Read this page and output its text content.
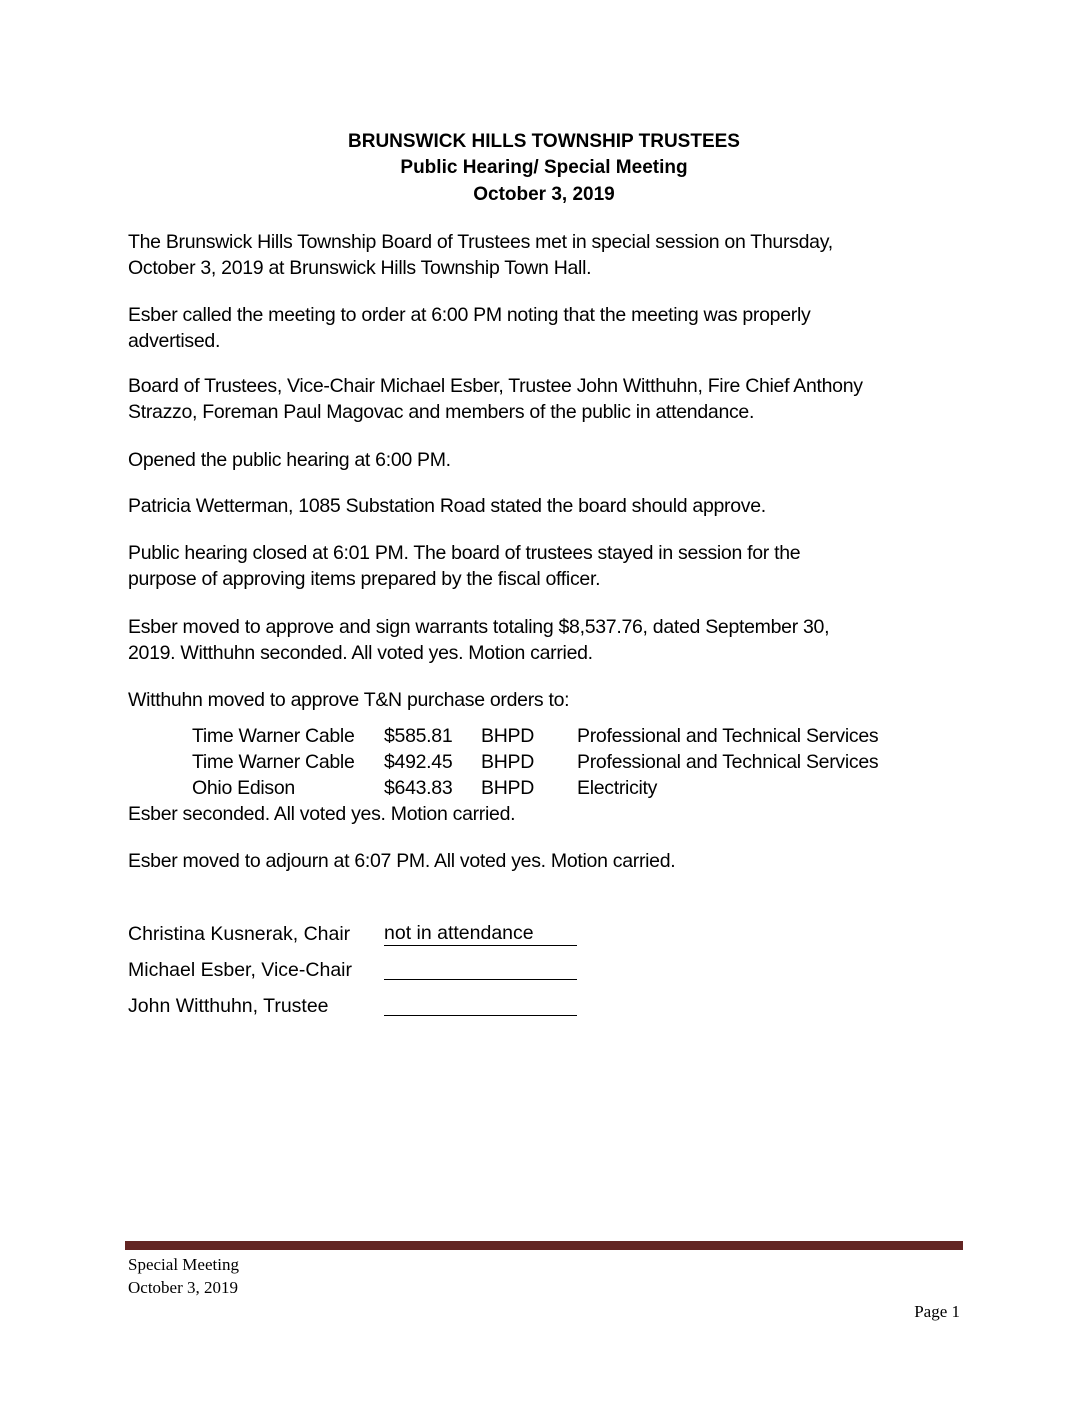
BRUNSWICK HILLS TOWNSHIP TRUSTEES
Public Hearing/ Special Meeting
October 3, 2019
The Brunswick Hills Township Board of Trustees met in special session on Thursday,
October 3, 2019 at Brunswick Hills Township Town Hall.
Esber called the meeting to order at 6:00 PM noting that the meeting was properly
advertised.
Board of Trustees, Vice-Chair Michael Esber, Trustee John Witthuhn, Fire Chief Anthony
Strazzo, Foreman Paul Magovac and members of the public in attendance.
Opened the public hearing at 6:00 PM.
Patricia Wetterman, 1085 Substation Road stated the board should approve.
Public hearing closed at 6:01 PM. The board of trustees stayed in session for the
purpose of approving items prepared by the fiscal officer.
Esber moved to approve and sign warrants totaling $8,537.76, dated September 30,
2019. Witthuhn seconded. All voted yes. Motion carried.
Witthuhn moved to approve T&N purchase orders to:
Time Warner Cable $585.81 BHPD Professional and Technical Services
Time Warner Cable $492.45 BHPD Professional and Technical Services
Ohio Edison	$643.83 BHPD Electricity
Esber seconded. All voted yes. Motion carried.
Esber moved to adjourn at 6:07 PM. All voted yes. Motion carried.
Christina Kusnerak, Chair not in attendance
Michael Esber, Vice-Chair
John Witthuhn, Trustee
Special Meeting
October 3, 2019
Page 1
